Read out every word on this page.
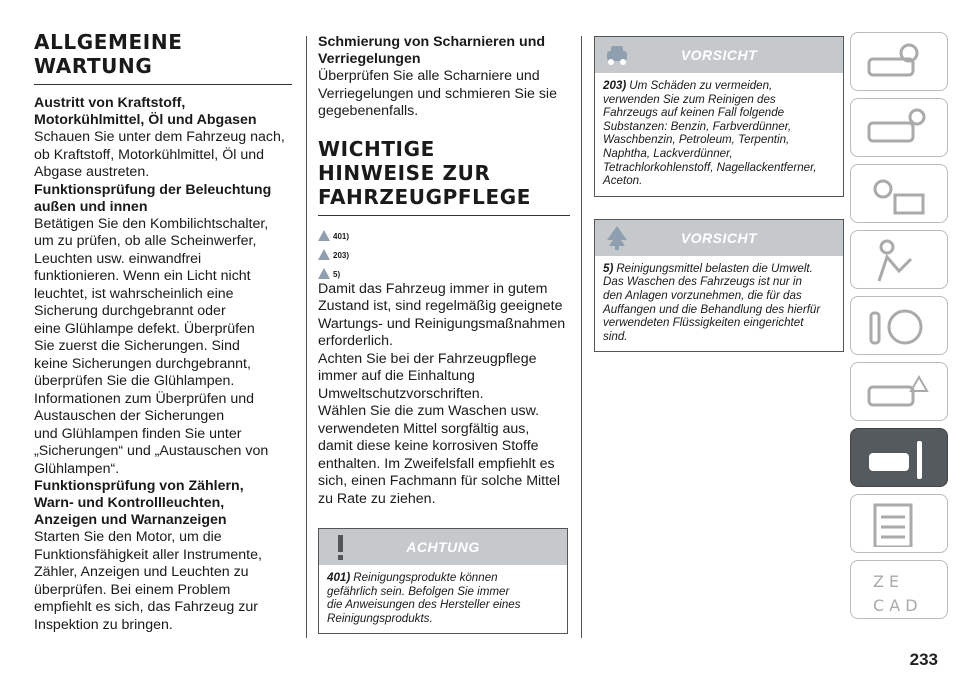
ALLGEMEINE
WARTUNG
Austritt von Kraftstoff,
Motorkühlmittel, Öl und Abgasen

Schauen Sie unter dem Fahrzeug nach,
ob Kraftstoff, Motorkühlmittel, Öl und
Abgase austreten.

Funktionsprüfung der Beleuchtung
außen und innen

Betätigen Sie den Kombilichtschalter,
um zu prüfen, ob alle Scheinwerfer,
Leuchten usw. einwandfrei
funktionieren. Wenn ein Licht nicht
leuchtet, ist wahrscheinlich eine
Sicherung durchgebrannt oder
eine Glühlampe defekt. Überprüfen
Sie zuerst die Sicherungen. Sind
keine Sicherungen durchgebrannt,
überprüfen Sie die Glühlampen.
Informationen zum Überprüfen und
Austauschen der Sicherungen
und Glühlampen finden Sie unter
„Sicherungen“ und „Austauschen von
Glühlampen“.

Funktionsprüfung von Zählern,
Warn- und Kontrollleuchten,
Anzeigen und Warnanzeigen

Starten Sie den Motor, um die
Funktionsfähigkeit aller Instrumente,
Zähler, Anzeigen und Leuchten zu
überprüfen. Bei einem Problem
empfiehlt es sich, das Fahrzeug zur
Inspektion zu bringen.

Schmierung von Scharnieren und
Verriegelungen

Überprüfen Sie alle Scharniere und
Verriegelungen und schmieren Sie sie
gegebenenfalls.

WICHTIGE
HINWEISE ZUR
FAHRZEUGPFLEGE
401)
203)
5)

Damit das Fahrzeug immer in gutem
Zustand ist, sind regelmäßig geeignete
Wartungs- und Reinigungsmaßnahmen
erforderlich.
Achten Sie bei der Fahrzeugpflege
immer auf die Einhaltung
Umweltschutzvorschriften.
Wählen Sie die zum Waschen usw.
verwendeten Mittel sorgfältig aus,
damit diese keine korrosiven Stoffe
enthalten. Im Zweifelsfall empfiehlt es
sich, einen Fachmann für solche Mittel
zu Rate zu ziehen.

ACHTUNG
401) Reinigungsprodukte können
gefährlich sein. Befolgen Sie immer
die Anweisungen des Hersteller eines
Reinigungsprodukts.
VORSICHT
203) Um Schäden zu vermeiden,
verwenden Sie zum Reinigen des
Fahrzeugs auf keinen Fall folgende
Substanzen: Benzin, Farbverdünner,
Waschbenzin, Petroleum, Terpentin,
Naphtha, Lackverdünner,
Tetrachlorkohlenstoff, Nagellackentferner,
Aceton.
VORSICHT
5) Reinigungsmittel belasten die Umwelt.
Das Waschen des Fahrzeugs ist nur in
den Anlagen vorzunehmen, die für das
Auffangen und die Behandlung des hierfür
verwendeten Flüssigkeiten eingerichtet
sind.
Z E
C A D
233
